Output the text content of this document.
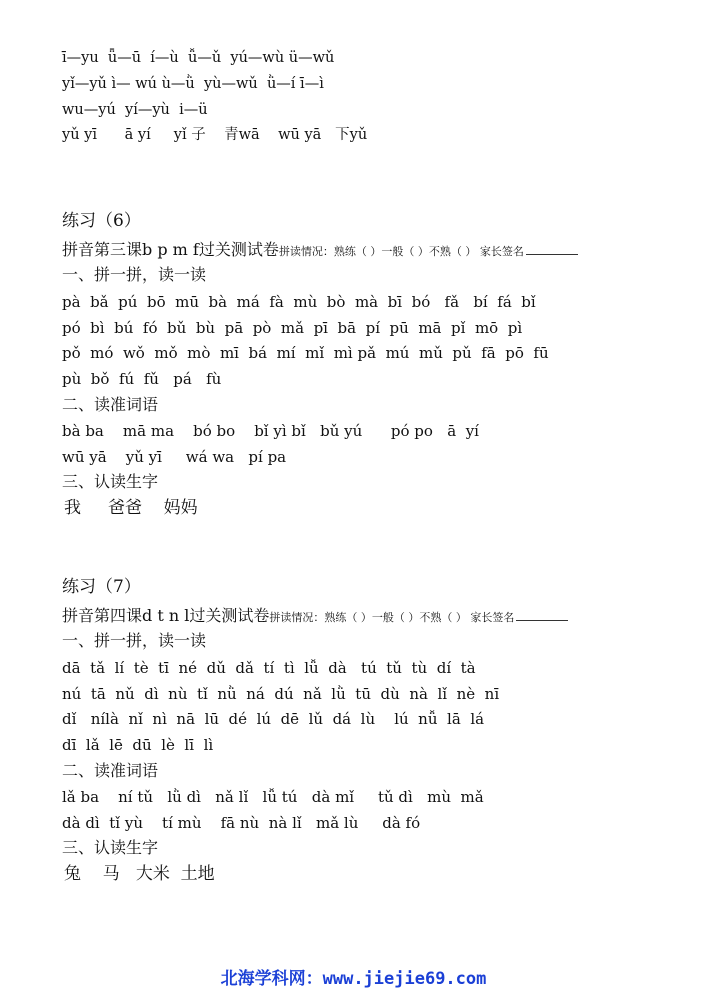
ī—yu  ǖ—ū  í—ù  ǚ—ǔ  yú—wù ü—wǔ
yǐ—yǔ ì— wú ù—ǜ  yù—wǔ  ǜ—í ī—ì
wu—yú  yí—yù  i—ü
yǔ yī      ā yí     yǐ 子    青wā    wū yā   下yǔ
练习（6）
拼音第三课b p m f过关测试卷拼读情况：熟练（ ）一般（ ）不熟（ ） 家长签名
一、拼一拼，读一读
pà  bǎ  pú  bō  mū  bà  má  fà  mù  bò  mà  bī  bó   fǎ   bí  fá  bǐ
pó  bì  bú  fó  bǔ  bù  pā  pò  mǎ  pī  bā  pí  pū  mā  pǐ  mō  pì
pǒ  mó  wǒ  mǒ  mò  mī  bá  mí  mǐ  mì pǎ  mú  mǔ  pǔ  fā  pō  fū
pù  bǒ  fú  fǔ   pá   fù
二、读准词语
bà ba    mā ma    bó bo    bǐ yì bǐ   bǔ yú      pó po   ā  yí
wū yā    yǔ yī     wá wa   pí pa
三、认读生字
我     爸爸    妈妈
练习（7）
拼音第四课d t n l过关测试卷拼读情况：熟练（ ）一般（ ）不熟（ ） 家长签名
一、拼一拼，读一读
dā  tǎ  lí  tè  tī  né  dǔ  dǎ  tí  tì  lǚ  dà   tú  tǔ  tù  dí  tà
nú  tā  nǔ  dì  nù  tǐ  nǜ  ná  dú  nǎ  lǜ  tū  dù  nà  lǐ  nè  nī
dǐ   nílà  nǐ  nì  nā  lū  dé  lú  dē  lǔ  dá  lù    lú  nǚ  lā  lá
dī  lǎ  lē  dū  lè  lī  lì
二、读准词语
lǎ ba    ní tǔ   lǜ dì   nǎ lǐ   lǚ tú   dà mǐ     tǔ dì   mù  mǎ
dà dì  tǐ yù    tí mù    fā nù  nà lǐ   mǎ lù     dà fó
三、认读生字
兔    马   大米  土地
北海学科网：www.jiejie69.com
